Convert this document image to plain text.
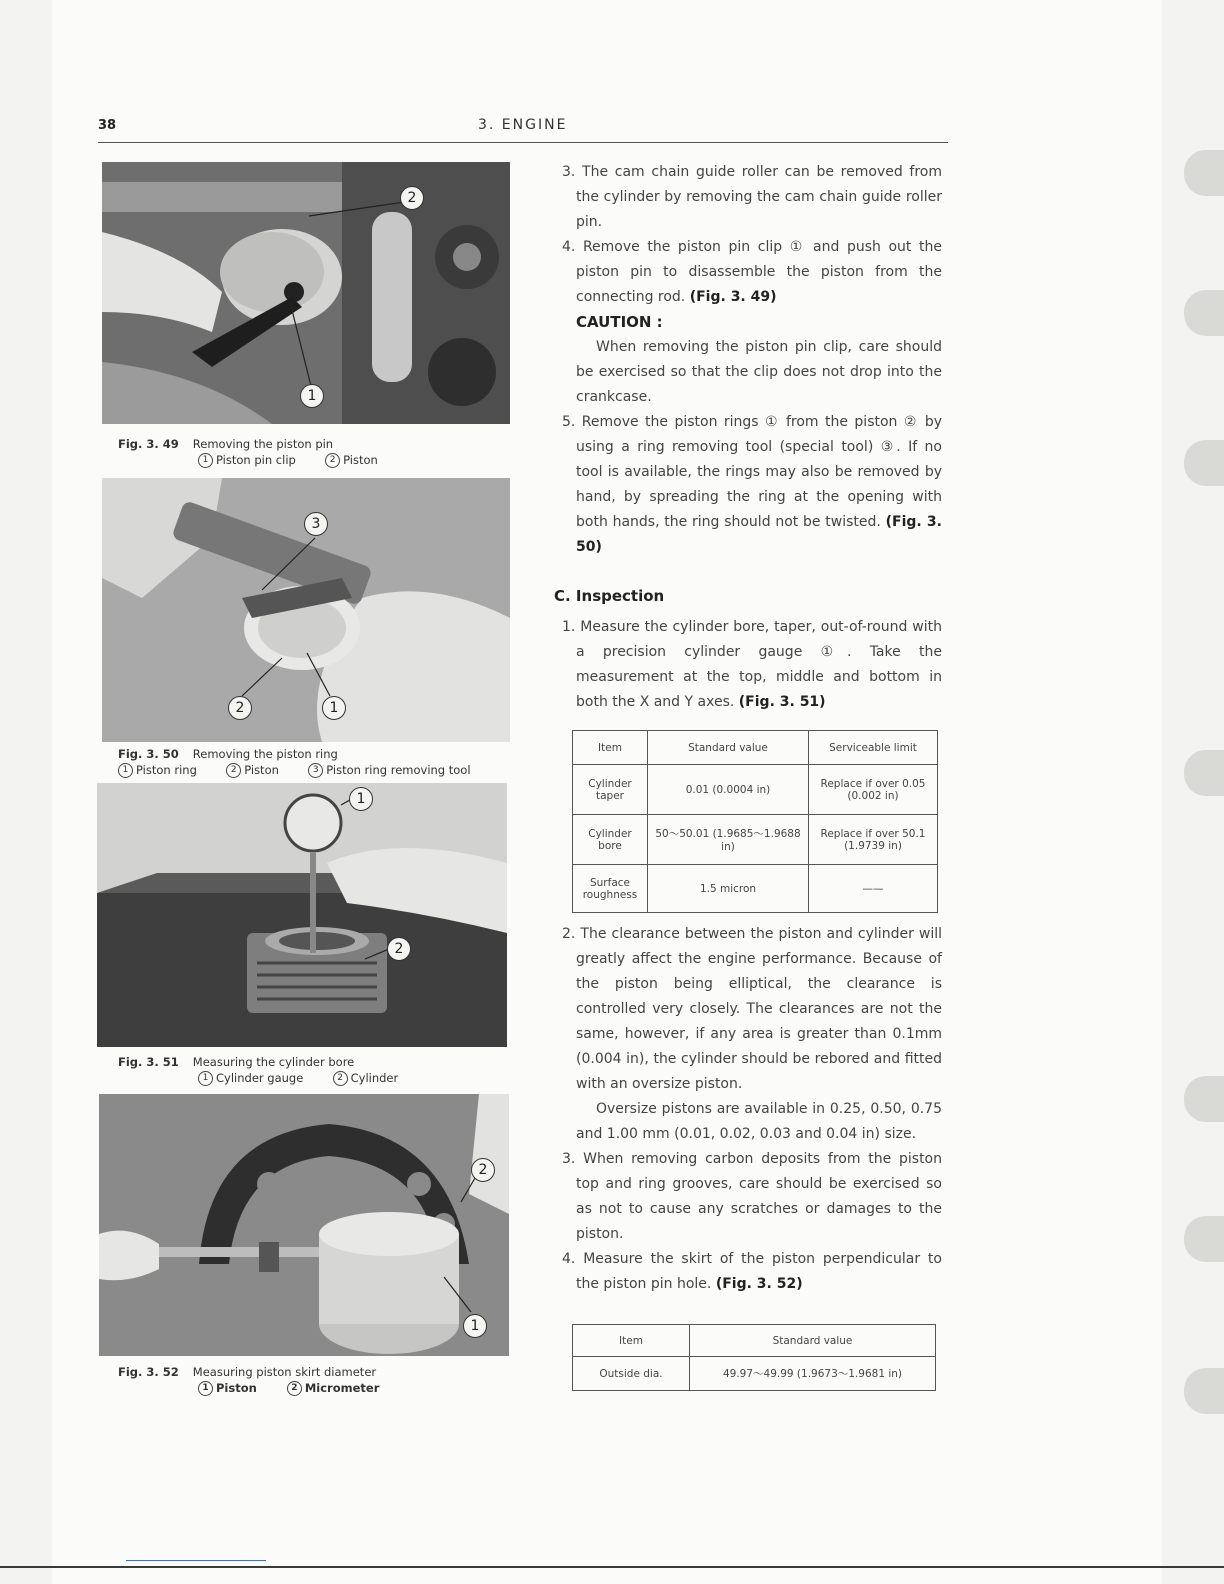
38	3. ENGINE
2
1
Fig. 3. 49 Removing the piston pin
1 Piston pin clip	2 Piston
3
2	1
Fig. 3. 50 Removing the piston ring
1 Piston ring	2 Piston	3 Piston ring removing tool
1
2
Fig. 3. 51 Measuring the cylinder bore
1 Cylinder gauge	2 Cylinder
2
1
Fig. 3. 52 Measuring piston skirt diameter
1 Piston	2 Micrometer

3. The cam chain guide roller can be removed from the cylinder by removing the cam chain guide roller pin.

4. Remove the piston pin clip ① and push out the piston pin to disassemble the piston from the connecting rod. (Fig. 3. 49)

CAUTION :

When removing the piston pin clip, care should be exercised so that the clip does not drop into the crankcase.

5. Remove the piston rings ① from the piston ② by using a ring removing tool (special tool) ③. If no tool is available, the rings may also be removed by hand, by spreading the ring at the opening with both hands, the ring should not be twisted. (Fig. 3. 50)

C. Inspection

1. Measure the cylinder bore, taper, out-of-round with a precision cylinder gauge ①. Take the measurement at the top, middle and bottom in both the X and Y axes. (Fig. 3. 51)

Item	Standard value	Serviceable limit
Cylinder taper	0.01 (0.0004 in)	Replace if over 0.05 (0.002 in)
Cylinder bore	50～50.01 (1.9685～1.9688 in)	Replace if over 50.1 (1.9739 in)
Surface roughness	1.5 micron	——

2. The clearance between the piston and cylinder will greatly affect the engine performance. Because of the piston being elliptical, the clearance is controlled very closely. The clearances are not the same, however, if any area is greater than 0.1mm (0.004 in), the cylinder should be rebored and fitted with an oversize piston.

Oversize pistons are available in 0.25, 0.50, 0.75 and 1.00 mm (0.01, 0.02, 0.03 and 0.04 in) size.

3. When removing carbon deposits from the piston top and ring grooves, care should be exercised so as not to cause any scratches or damages to the piston.

4. Measure the skirt of the piston perpendicular to the piston pin hole. (Fig. 3. 52)

Item	Standard value
Outside dia.	49.97～49.99 (1.9673～1.9681 in)
